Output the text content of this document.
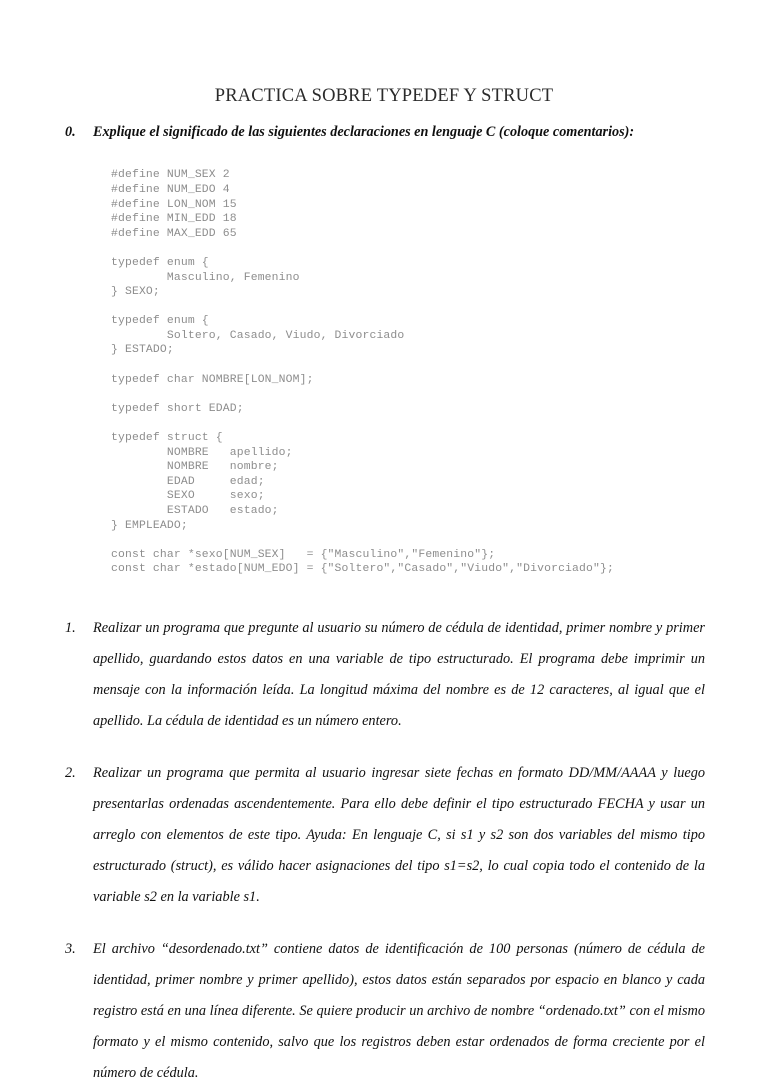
PRACTICA SOBRE TYPEDEF Y STRUCT
0.	Explique el significado de las siguientes declaraciones en lenguaje C (coloque comentarios):
#define NUM_SEX 2
#define NUM_EDO 4
#define LON_NOM 15
#define MIN_EDD 18
#define MAX_EDD 65
typedef enum {
Masculino, Femenino
} SEXO;
typedef enum {
Soltero, Casado, Viudo, Divorciado
} ESTADO;
typedef char NOMBRE[LON_NOM];
typedef short EDAD;
typedef struct {
NOMBRE   apellido;
NOMBRE   nombre;
EDAD     edad;
SEXO     sexo;
ESTADO   estado;
} EMPLEADO;
const char *sexo[NUM_SEX]   = {"Masculino","Femenino"};
const char *estado[NUM_EDO] = {"Soltero","Casado","Viudo","Divorciado"};
1.	Realizar un programa que pregunte al usuario su número de cédula de identidad, primer nombre y primer apellido, guardando estos datos en una variable de tipo estructurado. El programa debe imprimir un mensaje con la información leída. La longitud máxima del nombre es de 12 caracteres, al igual que el apellido. La cédula de identidad es un número entero.
2.	Realizar un programa que permita al usuario ingresar siete fechas en formato DD/MM/AAAA y luego presentarlas ordenadas ascendentemente. Para ello debe definir el tipo estructurado FECHA y usar un arreglo con elementos de este tipo. Ayuda: En lenguaje C, si s1 y s2 son dos variables del mismo tipo estructurado (struct), es válido hacer asignaciones del tipo s1=s2, lo cual copia todo el contenido de la variable s2 en la variable s1.
3.	El archivo “desordenado.txt” contiene datos de identificación de 100 personas (número de cédula de identidad, primer nombre y primer apellido), estos datos están separados por espacio en blanco y cada registro está en una línea diferente. Se quiere producir un archivo de nombre “ordenado.txt” con el mismo formato y el mismo contenido, salvo que los registros deben estar ordenados de forma creciente por el número de cédula.
